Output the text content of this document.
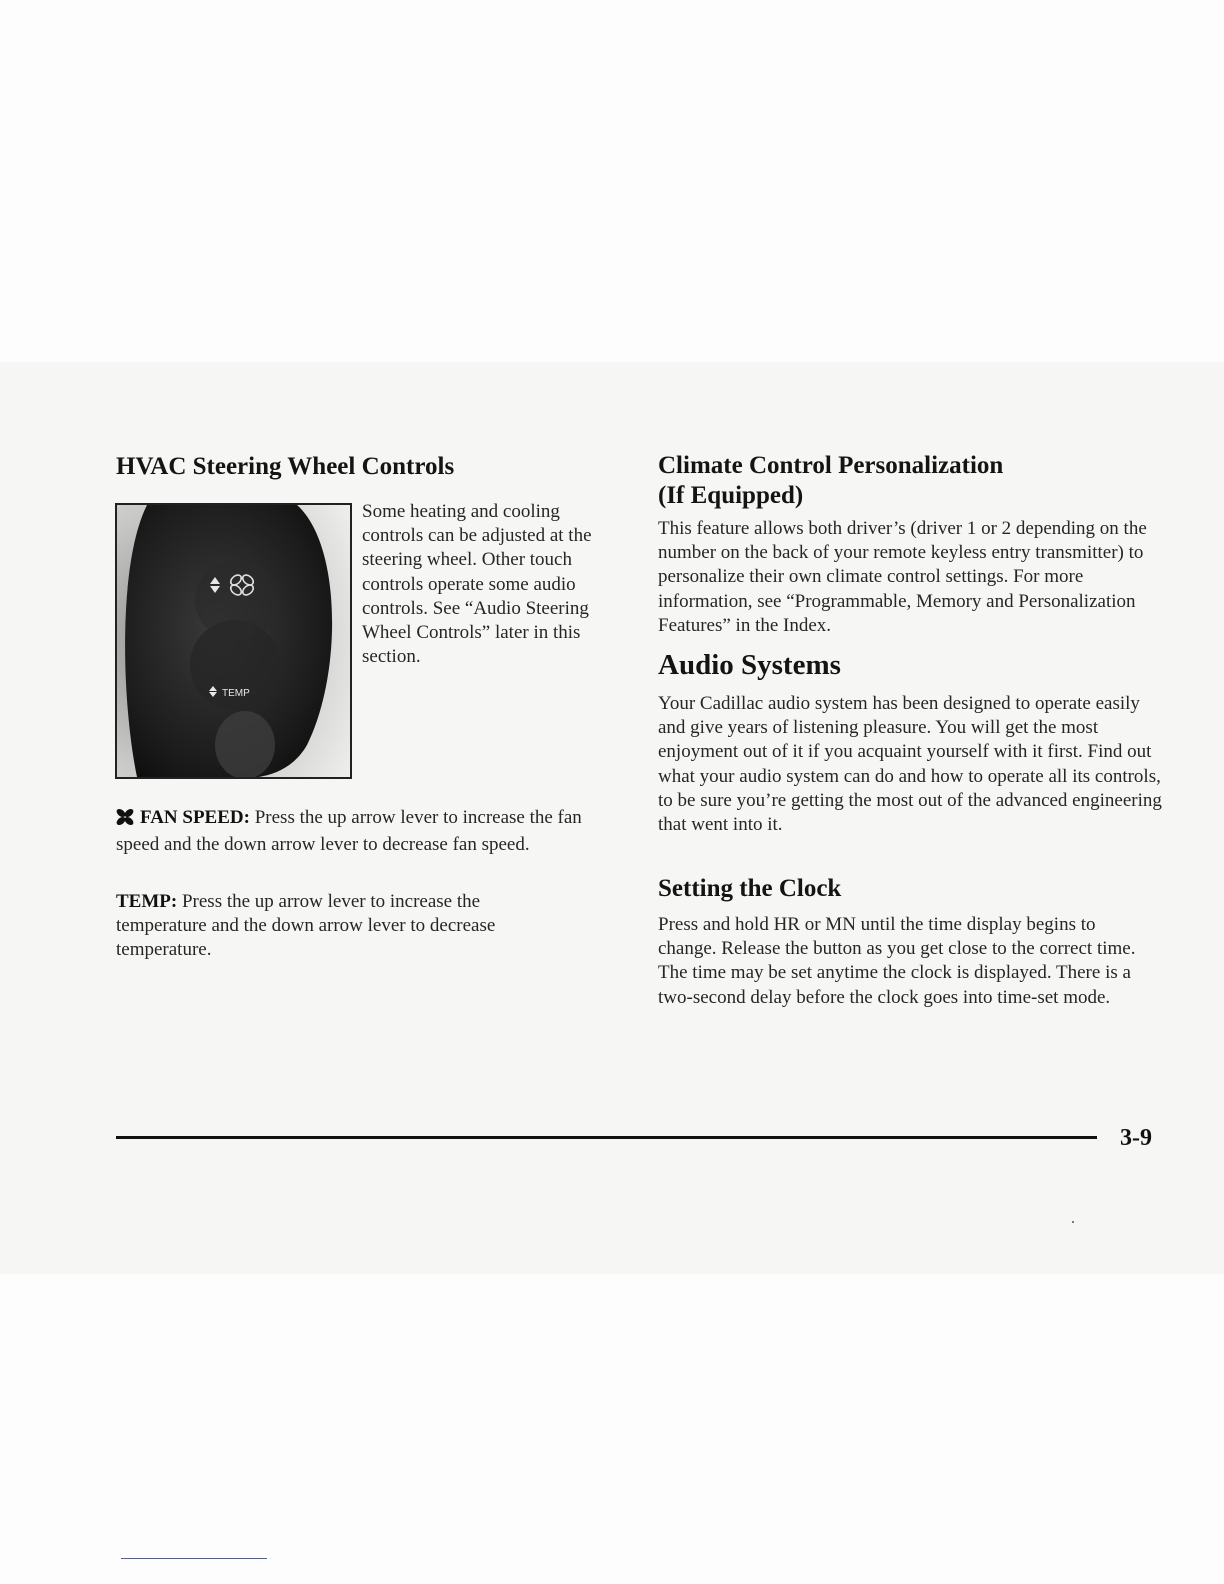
HVAC Steering Wheel Controls
TEMP

Some heating and cooling controls can be adjusted at the steering wheel. Other touch controls operate some audio controls. See “Audio Steering Wheel Controls” later in this section.

FAN SPEED: Press the up arrow lever to increase the fan speed and the down arrow lever to decrease fan speed.

TEMP: Press the up arrow lever to increase the temperature and the down arrow lever to decrease temperature.

Climate Control Personalization
(If Equipped)

This feature allows both driver’s (driver 1 or 2 depending on the number on the back of your remote keyless entry transmitter) to personalize their own climate control settings. For more information, see “Programmable, Memory and Personalization Features” in the Index.

Audio Systems

Your Cadillac audio system has been designed to operate easily and give years of listening pleasure. You will get the most enjoyment out of it if you acquaint yourself with it first. Find out what your audio system can do and how to operate all its controls, to be sure you’re getting the most out of the advanced engineering that went into it.

Setting the Clock

Press and hold HR or MN until the time display begins to change. Release the button as you get close to the correct time. The time may be set anytime the clock is displayed. There is a two-second delay before the clock goes into time-set mode.

3-9
